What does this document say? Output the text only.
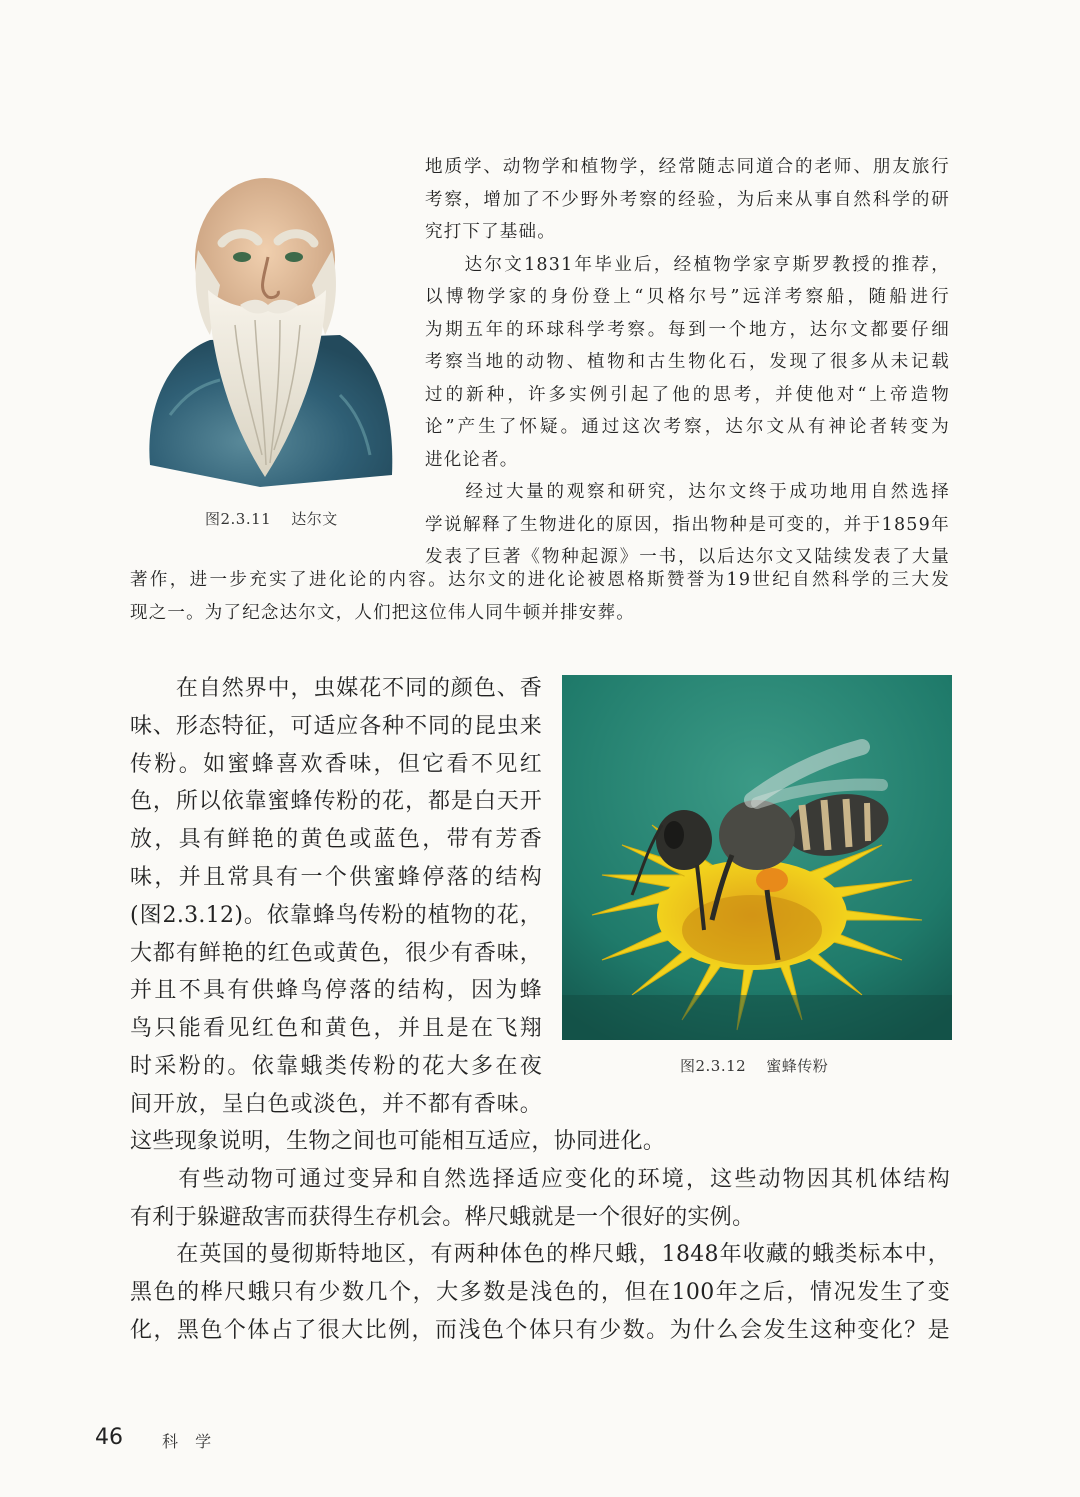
图2.3.11 达尔文

地质学、动物学和植物学，经常随志同道合的老师、朋友旅行

考察，增加了不少野外考察的经验，为后来从事自然科学的研

究打下了基础。

　　达尔文1831年毕业后，经植物学家亨斯罗教授的推荐，

以博物学家的身份登上“贝格尔号”远洋考察船，随船进行

为期五年的环球科学考察。每到一个地方，达尔文都要仔细

考察当地的动物、植物和古生物化石，发现了很多从未记载

过的新种，许多实例引起了他的思考，并使他对“上帝造物

论”产生了怀疑。通过这次考察，达尔文从有神论者转变为

进化论者。

　　经过大量的观察和研究，达尔文终于成功地用自然选择

学说解释了生物进化的原因，指出物种是可变的，并于1859年

发表了巨著《物种起源》一书，以后达尔文又陆续发表了大量

著作，进一步充实了进化论的内容。达尔文的进化论被恩格斯赞誉为19世纪自然科学的三大发

现之一。为了纪念达尔文，人们把这位伟人同牛顿并排安葬。

图2.3.12 蜜蜂传粉

　　在自然界中，虫媒花不同的颜色、香

味、形态特征，可适应各种不同的昆虫来

传粉。如蜜蜂喜欢香味，但它看不见红

色，所以依靠蜜蜂传粉的花，都是白天开

放，具有鲜艳的黄色或蓝色，带有芳香

味，并且常具有一个供蜜蜂停落的结构

(图2.3.12)。依靠蜂鸟传粉的植物的花，

大都有鲜艳的红色或黄色，很少有香味，

并且不具有供蜂鸟停落的结构，因为蜂

鸟只能看见红色和黄色，并且是在飞翔

时采粉的。依靠蛾类传粉的花大多在夜

间开放，呈白色或淡色，并不都有香味。

这些现象说明，生物之间也可能相互适应，协同进化。

　　有些动物可通过变异和自然选择适应变化的环境，这些动物因其机体结构

有利于躲避敌害而获得生存机会。桦尺蛾就是一个很好的实例。

　　在英国的曼彻斯特地区，有两种体色的桦尺蛾，1848年收藏的蛾类标本中，

黑色的桦尺蛾只有少数几个，大多数是浅色的，但在100年之后，情况发生了变

化，黑色个体占了很大比例，而浅色个体只有少数。为什么会发生这种变化？是

46 科 学
